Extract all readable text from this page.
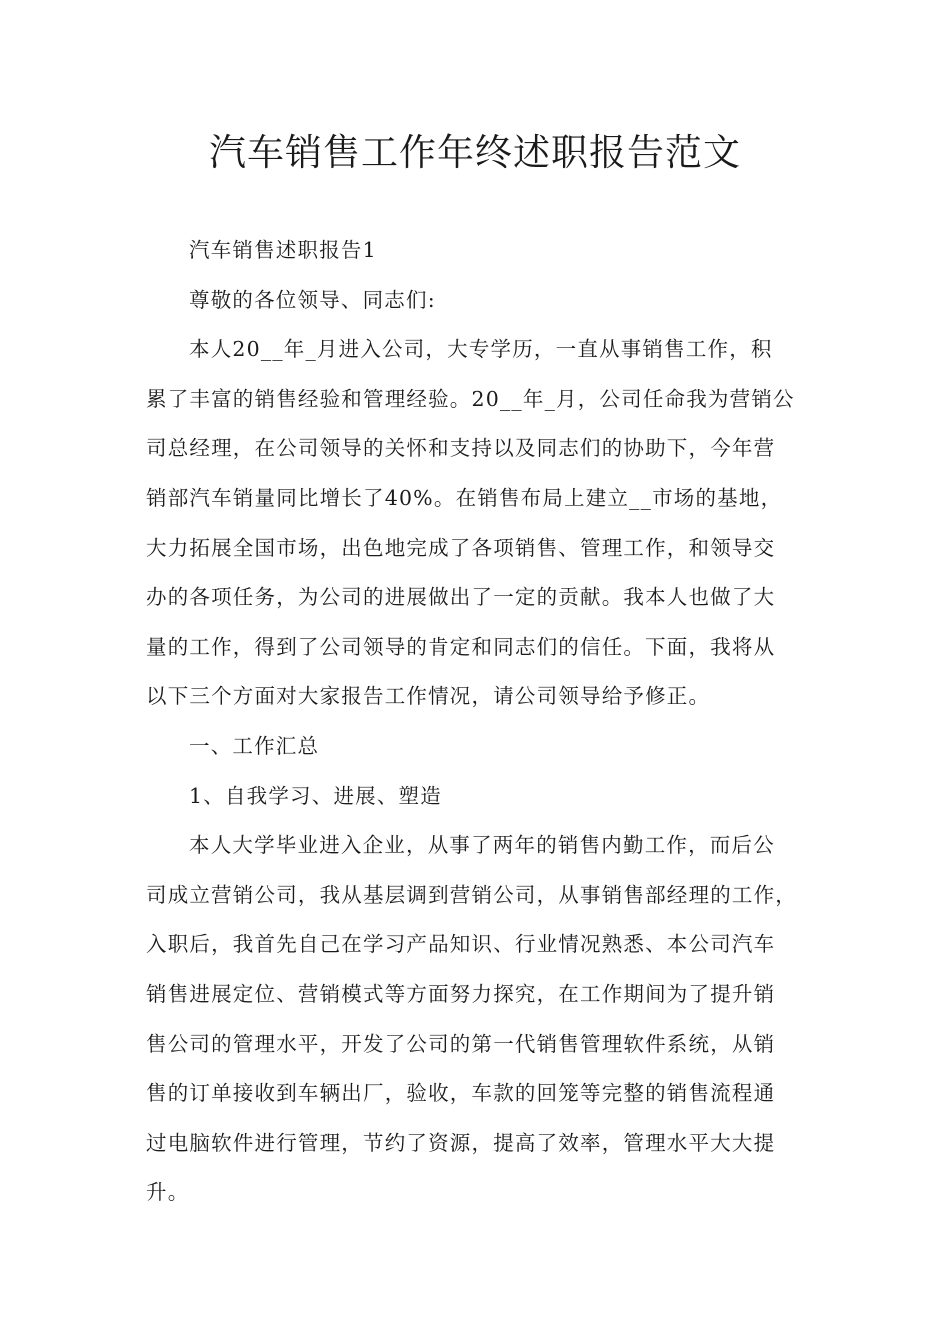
汽车销售工作年终述职报告范文
汽车销售述职报告1
尊敬的各位领导、同志们:
本人20__年_月进入公司，大专学历，一直从事销售工作，积
累了丰富的销售经验和管理经验。20__年_月，公司任命我为营销公
司总经理，在公司领导的关怀和支持以及同志们的协助下，今年营
销部汽车销量同比增长了40%。在销售布局上建立__市场的基地，
大力拓展全国市场，出色地完成了各项销售、管理工作，和领导交
办的各项任务，为公司的进展做出了一定的贡献。我本人也做了大
量的工作，得到了公司领导的肯定和同志们的信任。下面，我将从
以下三个方面对大家报告工作情况，请公司领导给予修正。
一、工作汇总
1、自我学习、进展、塑造
本人大学毕业进入企业，从事了两年的销售内勤工作，而后公
司成立营销公司，我从基层调到营销公司，从事销售部经理的工作，
入职后，我首先自己在学习产品知识、行业情况熟悉、本公司汽车
销售进展定位、营销模式等方面努力探究，在工作期间为了提升销
售公司的管理水平，开发了公司的第一代销售管理软件系统，从销
售的订单接收到车辆出厂，验收，车款的回笼等完整的销售流程通
过电脑软件进行管理，节约了资源，提高了效率，管理水平大大提
升。
